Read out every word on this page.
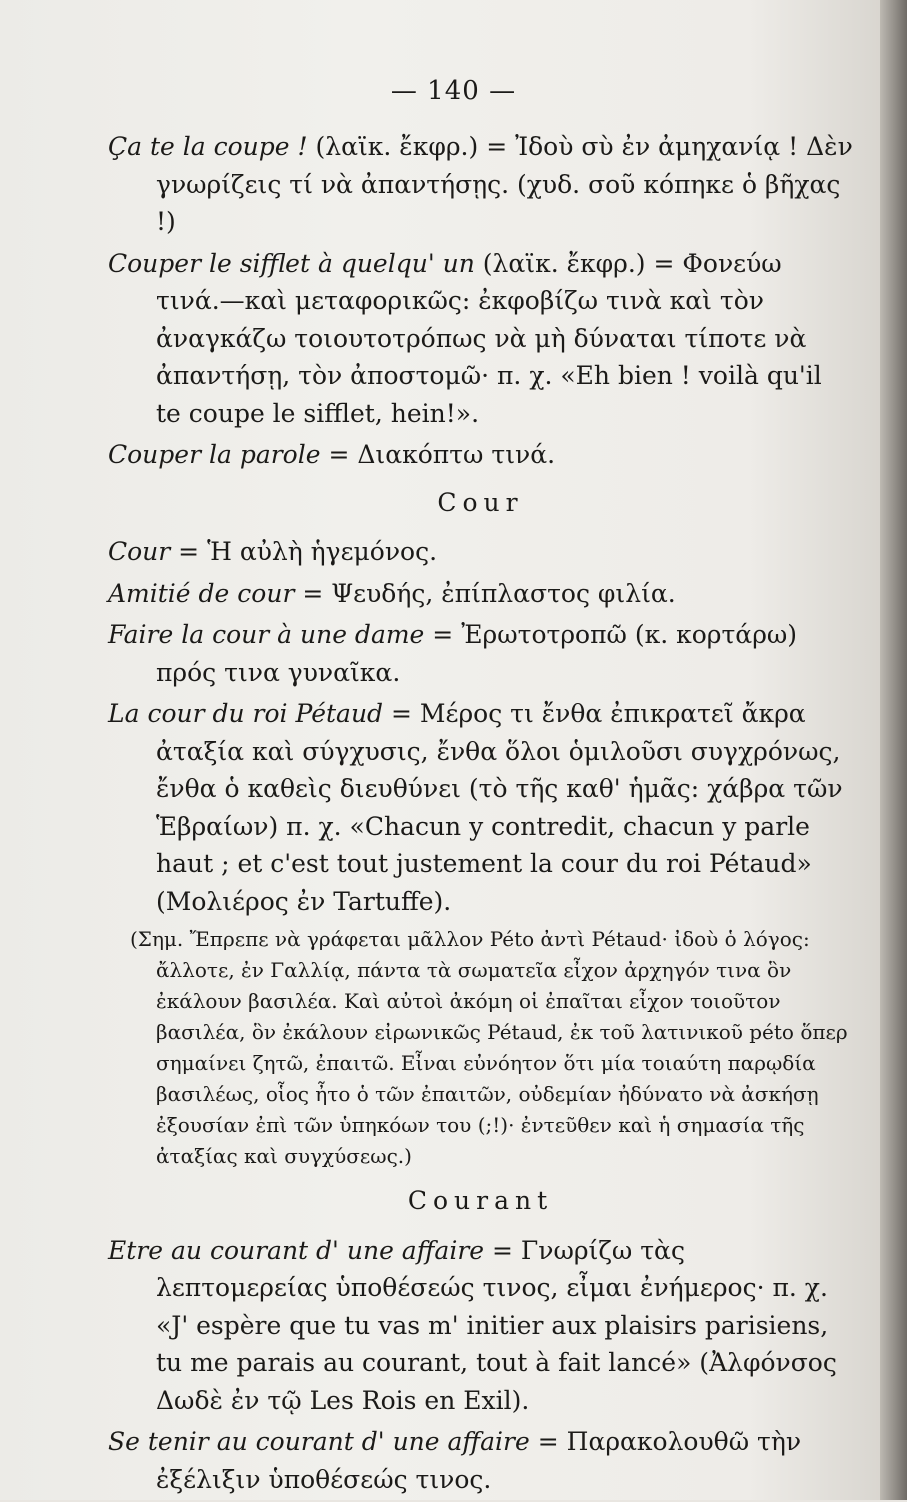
— 140 —

Ça te la coupe ! (λαϊκ. ἔκφρ.) = Ἰδοὺ σὺ ἐν ἀμηχανίᾳ ! Δὲν γνωρίζεις τί νὰ ἀπαντήσῃς. (χυδ. σοῦ κόπηκε ὁ βῆχας !)

Couper le sifflet à quelqu' un (λαϊκ. ἔκφρ.) = Φονεύω τινά.—καὶ μεταφορικῶς: ἐκφοβίζω τινὰ καὶ τὸν ἀναγκάζω τοιουτοτρόπως νὰ μὴ δύναται τίποτε νὰ ἀπαντήσῃ, τὸν ἀποστομῶ· π. χ. «Eh bien ! voilà qu'il te coupe le sifflet, hein!».

Couper la parole = Διακόπτω τινά.

Cour

Cour = Ἡ αὐλὴ ἡγεμόνος.

Amitié de cour = Ψευδής, ἐπίπλαστος φιλία.

Faire la cour à une dame = Ἐρωτοτροπῶ (κ. κορτάρω) πρός τινα γυναῖκα.

La cour du roi Pétaud = Μέρος τι ἔνθα ἐπικρατεῖ ἄκρα ἀταξία καὶ σύγχυσις, ἔνθα ὅλοι ὁμιλοῦσι συγχρόνως, ἔνθα ὁ καθεὶς διευθύνει (τὸ τῆς καθ' ἡμᾶς: χάβρα τῶν Ἑβραίων) π. χ. «Chacun y contredit, chacun y parle haut ; et c'est tout justement la cour du roi Pétaud» (Μολιέρος ἐν Tartuffe).

(Σημ. Ἔπρεπε νὰ γράφεται μᾶλλον Péto ἀντὶ Pétaud· ἰδοὺ ὁ λόγος: ἄλλοτε, ἐν Γαλλίᾳ, πάντα τὰ σωματεῖα εἶχον ἀρχηγόν τινα ὃν ἐκάλουν βασιλέα. Καὶ αὐτοὶ ἀκόμη οἱ ἐπαῖται εἶχον τοιοῦτον βασιλέα, ὃν ἐκάλουν εἰρωνικῶς Pétaud, ἐκ τοῦ λατινικοῦ péto ὅπερ σημαίνει ζητῶ, ἐπαιτῶ. Εἶναι εὐνόητον ὅτι μία τοιαύτη παρῳδία βασιλέως, οἷος ἦτο ὁ τῶν ἐπαιτῶν, οὐδεμίαν ἠδύνατο νὰ ἀσκήσῃ ἐξουσίαν ἐπὶ τῶν ὑπηκόων του (;!)· ἐντεῦθεν καὶ ἡ σημασία τῆς ἀταξίας καὶ συγχύσεως.)

Courant

Etre au courant d' une affaire = Γνωρίζω τὰς λεπτομερείας ὑποθέσεώς τινος, εἶμαι ἐνήμερος· π. χ. «J' espère que tu vas m' initier aux plaisirs parisiens, tu me parais au courant, tout à fait lancé» (Ἀλφόνσος Δωδὲ ἐν τῷ Les Rois en Exil).

Se tenir au courant d' une affaire = Παρακολουθῶ τὴν ἐξέλιξιν ὑποθέσεώς τινος.
